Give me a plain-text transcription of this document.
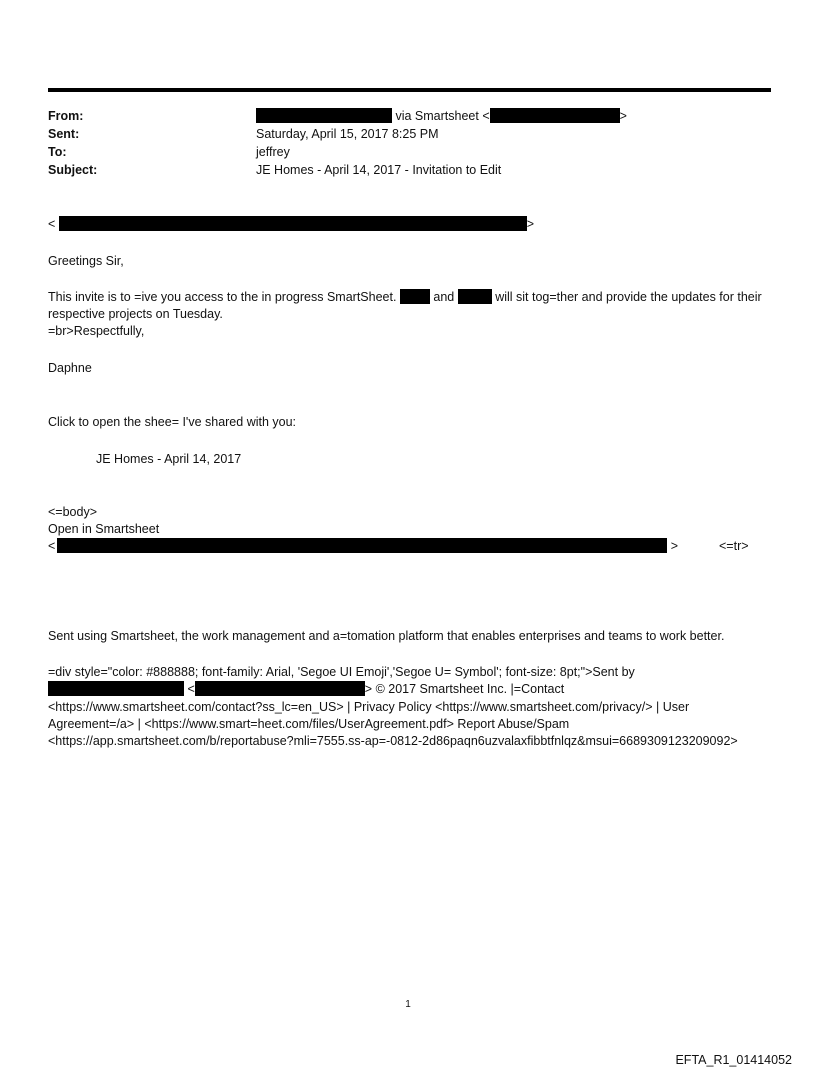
From:	via Smartsheet <	>
Sent:	Saturday, April 15, 2017 8:25 PM
To:	jeffrey
Subject:	JE Homes - April 14, 2017 - Invitation to Edit
<	>
Greetings Sir,
This invite is to =ive you access to the in progress SmartSheet.  and	will sit tog=ther and provide the updates for their respective projects on Tuesday.
=br>Respectfully,
Daphne
Click to open the shee= I've shared with you:
JE Homes - April 14, 2017
<=body>
Open in Smartsheet
<	>	<=tr>
Sent using Smartsheet, the work management and a=tomation platform that enables enterprises and teams to work better.
=div style="color: #888888; font-family: Arial, 'Segoe UI Emoji','Segoe U= Symbol'; font-size: 8pt;">Sent by
<	> © 2017 Smartsheet Inc. |=Contact
<https://www.smartsheet.com/contact?ss_lc=en_US> | Privacy Policy <https://www.smartsheet.com/privacy/> | User Agreement=/a> | <https://www.smart=heet.com/files/UserAgreement.pdf> Report Abuse/Spam <https://app.smartsheet.com/b/reportabuse?mli=7555.ss-ap=-0812-2d86paqn6uzvalaxfibbtfnlqz&msui=6689309123209092>
1
EFTA_R1_01414052
